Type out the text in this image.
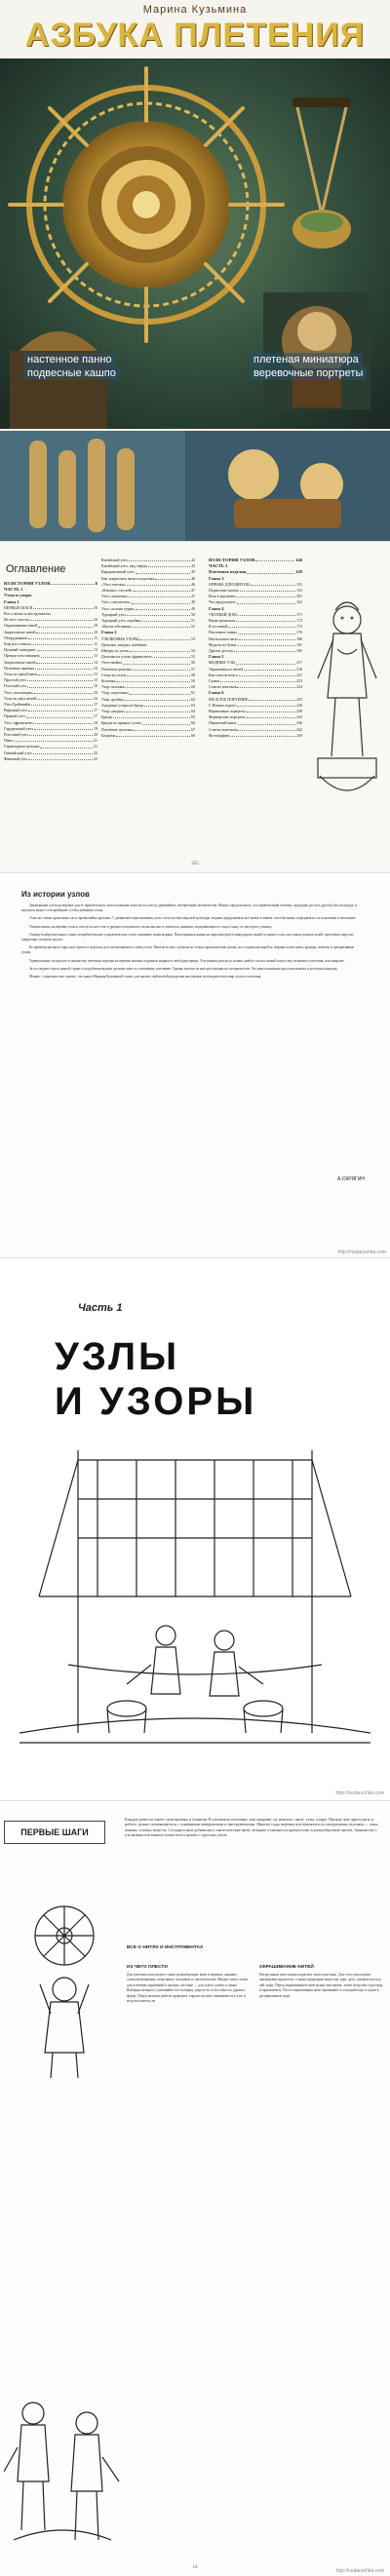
Марина Кузьмина
АЗБУКА ПЛЕТЕНИЯ
настенное панно
подвесные кашпо
плетеная миниатюра
веревочные портреты
Оглавление
ИЗ ИСТОРИИ УЗЛОВ	6
ЧАСТЬ 1
Узлы и узоры
Глава 1
ПЕРВЫЕ ШАГИ	10
Все о нитях и инструментах
Из чего плести	10
Окрашивание нитей	10
Закрепление нитей	10
Оборудование	11
Еще раз о нитях	11
Нужный повторяет	13
Прежде чем начинать	13
Закрепление нитей	14
Полезные приемы	14
Узлы из одной нити	15
Простой узел	15
Плоский узел	16
Узел «восьмерка»	16
Узлы из двух нитей	16
Узел Грейпвайн	17
Рифовый узел	17
Прямой узел	17
Узел «фриволите»	18
Гардаунский узел	19
Репсовый узел	20
Пико	21
Гарнитурная цепочка	21
Гвинейский узел	22
Фивовый узел	23
Китайский узел	42
Китайский узел, вид сверху	43
Кардинальный узел	45
Как закреплять нити в изделиях	46
«Узел пчелки»	46
«Кнопка с петлей»	47
Узел «шапочка»	47
Узел «лисья шея»	48
Узел «голова турка»	49
Турецкий узел	50
Турецкий узел «тройка»	51
«Кулон обезьяны»	52
Глава 2
УЗЕЛКОВЫЕ УЗОРЫ	53
Цепочки, шнуры, плетёнки
Шнуры из узлов	54
Цепочка из узлов «фриволите»	55
Узел-змейка	56
Плетеная цепочка	57
Сетка из узлов	58
Косичка	59
Узор «пальма»	60
Узор «паутинка»	61
Узор «рыбка»	62
Ажурные узоры из брида	63
Узор «ягодка»	64
Бриды	65
Бриды из прямых узлов	66
Плетёные цепочки	67
Бахрома	68
ИЗ ИСТОРИИ УЗЛОВ	146
ЧАСТЬ 2
Плетеные изделия	149
Глава 3
ОПРАВА ДЛЯ ЦВЕТОВ	151
Подвесные кашпо	152
Ваза в корзинке	161
Что предложить	162
Глава 4
УЮТНЫЙ ДОМ	171
Ваша прихожая	172
В гостиной	174
Настенное панно	176
Настольные часы	180
Модели из бумаг	181
Другие детали	185
Глава 5
МОДНЫЕ УЗЫ	217
Украшения из нитей	218
Как плести пояса	221
Сумки	223
Советы знатоков	224
Глава 6
ВЕСЕЛОЕ ПЛЕТЕНИЕ	225
С Новым годом!	226
Веревочные портреты	230
Фермерские портреты	233
Пиратский канат	236
Советы знатоков	242
Фотографии	249
255
Из истории узлов
Завязывание узлов на веревке для ее практического использования относится к числу древнейших изобретений человечества. Можно предположить, что первобытный человек, придумав достать другой узел на шнуре, и научился вязать сети рыбацкие, чтобы добывать огонь.
Узлы не только практичны, но и чрезвычайно красивы. С развитием мореплавания узлы стали частью морской культуры: моряки придумывали всё новые и новые способы вязки, передавая их из поколения в поколение.
Умение вязать на веревке узлы и плести из нее сети в древности ценилось очень высоко и считалось знанием, передаваемым от отца к сыну, от мастера к ученику.
Оценку изобретательных самих потребительских и практических узлов оценивает нами моряки. Повседневная жизнь на парусном флоте вынуждала людей создавать узлы для самых разных целей: крепления парусов, швартовки, подъема грузов.
Ко времени расцвета парусного флота в морском деле насчитывались сотни узлов. Многие из них служили не только практическим целям, но и украшали корабль: моряки плели маты, кранцы, оплетки и декоративные узоры.
Удивительные по красоте и изяществу плетеные изделия из веревок веками создавали моряки в свободное время. Эти умения дошли до наших дней и стали основой искусства узелкового плетения, или макраме.
За последние годы в нашей стране и за рубежом вышли десятки книг по узелковому плетению. Однако многие из них рассчитаны на специалистов. Эта книга написана простым языком и доступна каждому.
Можно с уверенностью сказать, что книга Марины Кузьминой станет для многих любителей рукоделия настоящим путеводителем в мир узлов и плетения.
А.СКРЯГИН
http://nudaruchka.com
Часть 1
УЗЛЫ
И УЗОРЫ
http://nudaruchka.com
ПЕРВЫЕ ШАГИ
Каждое ремесло имеет свои приемы и понятия. В узелковом плетении, или макраме, их немного: нити, узлы, узоры. Прежде чем приступить к работе, нужно познакомиться с основными материалами и инструментами. Многие годы веревки изготовлялись из натуральных волокон — льна, пеньки, хлопка, шерсти. Сегодня к ним добавились синтетические нити, которые отличаются прочностью и разнообразием цветов. Знакомство с узелковым плетением лучше всего начать с простых узлов.
ВСЕ О НИТЯХ И ИНСТРУМЕНТАХ
ИЗ ЧЕГО ПЛЕСТИ
Для плетения используют самые разнообразные нити и веревки: льняные, хлопчатобумажные, шерстяные, шелковые и синтетические. Мягкие нити служат для плетения украшений и одежды, жесткие — для сумок, кашпо и панно. Выбирая материал, учитывайте его толщину, упругость и способность держать форму. Перед началом работы проверьте, хорошо ли нить завязывается в узел и не распускается ли.
ОКРАШИВАНИЕ НИТЕЙ
Натуральные нити можно окрасить самостоятельно. Для этого используют анилиновые красители, а также природные вещества: кору дуба, луковую шелуху, чай, кофе. Перед окрашиванием нити нужно выстирать, затем погрузить в раствор и прокипятить. После окрашивания нити промывают в холодной воде и сушат в расправленном виде.
10
http://nudaruchka.com
